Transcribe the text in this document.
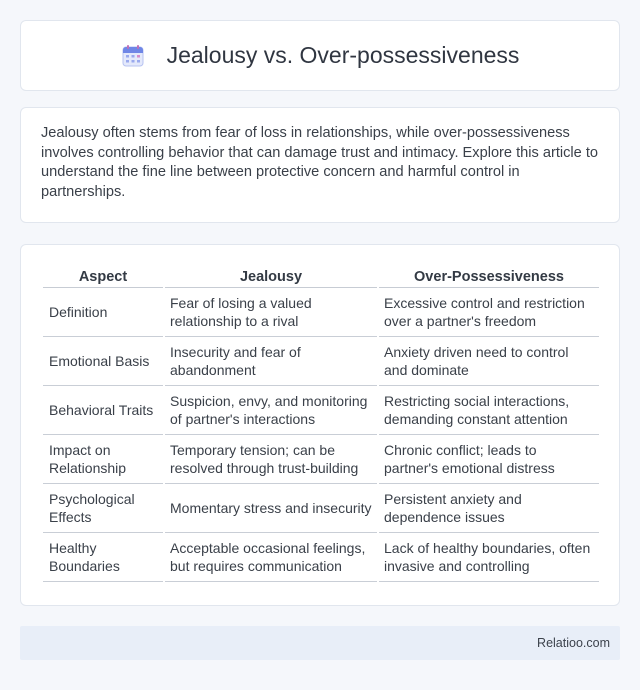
Jealousy vs. Over-possessiveness

Jealousy often stems from fear of loss in relationships, while over-possessiveness involves controlling behavior that can damage trust and intimacy. Explore this article to understand the fine line between protective concern and harmful control in partnerships.

Aspect	Jealousy	Over-Possessiveness
Definition	Fear of losing a valued relationship to a rival	Excessive control and restriction over a partner's freedom
Emotional Basis	Insecurity and fear of abandonment	Anxiety driven need to control and dominate
Behavioral Traits	Suspicion, envy, and monitoring of partner's interactions	Restricting social interactions, demanding constant attention
Impact on Relationship	Temporary tension; can be resolved through trust-building	Chronic conflict; leads to partner's emotional distress
Psychological Effects	Momentary stress and insecurity	Persistent anxiety and dependence issues
Healthy Boundaries	Acceptable occasional feelings, but requires communication	Lack of healthy boundaries, often invasive and controlling
Relatioo.com
